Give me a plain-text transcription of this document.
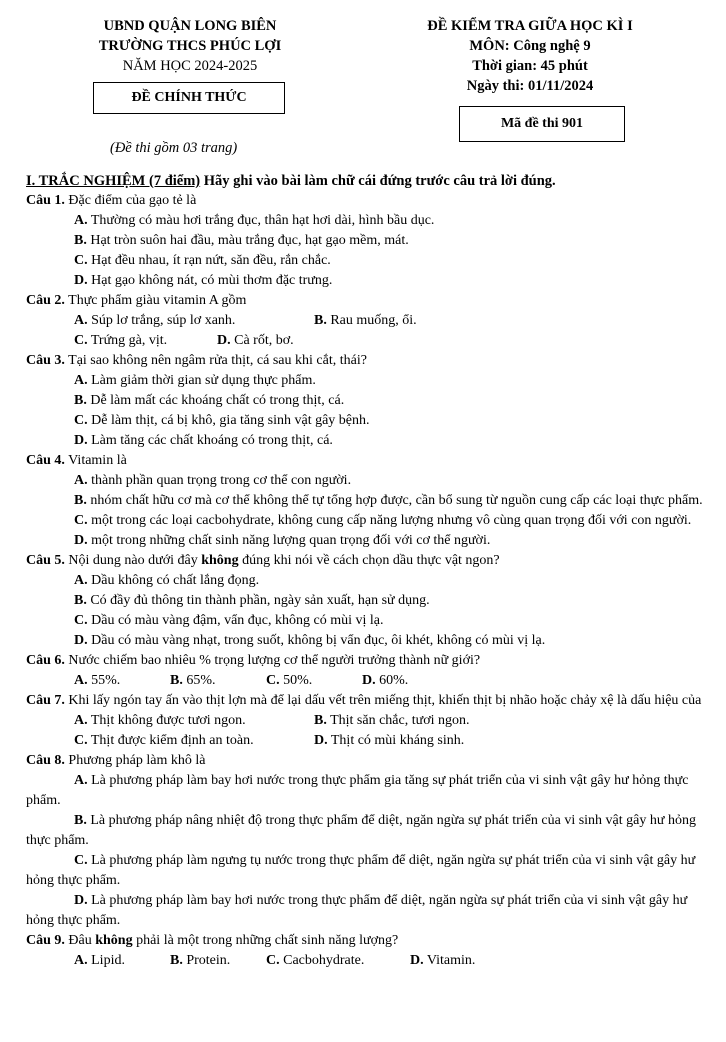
UBND QUẬN LONG BIÊN
TRƯỜNG THCS PHÚC LỢI
NĂM HỌC 2024-2025
ĐỀ CHÍNH THỨC
(Đề thi gồm 03 trang)
ĐỀ KIỂM TRA GIỮA HỌC KÌ I
MÔN: Công nghệ 9
Thời gian: 45 phút
Ngày thi: 01/11/2024
Mã đề thi 901
I. TRẮC NGHIỆM (7 điểm) Hãy ghi vào bài làm chữ cái đứng trước câu trả lời đúng.
Câu 1. Đặc điểm của gạo tẻ là
A. Thường có màu hơi trắng đục, thân hạt hơi dài, hình bầu dục.
B. Hạt tròn suôn hai đầu, màu trắng đục, hạt gạo mềm, mát.
C. Hạt đều nhau, ít rạn nứt, săn đều, rắn chắc.
D. Hạt gạo không nát, có mùi thơm đặc trưng.
Câu 2. Thực phẩm giàu vitamin A gồm
A. Súp lơ trắng, súp lơ xanh.	B. Rau muống, ổi.
C. Trứng gà, vịt.	D. Cà rốt, bơ.
Câu 3. Tại sao không nên ngâm rửa thịt, cá sau khi cắt, thái?
A. Làm giảm thời gian sử dụng thực phẩm.
B. Dễ làm mất các khoáng chất có trong thịt, cá.
C. Dễ làm thịt, cá bị khô, gia tăng sinh vật gây bệnh.
D. Làm tăng các chất khoáng có trong thịt, cá.
Câu 4. Vitamin là
A. thành phần quan trọng trong cơ thể con người.
B. nhóm chất hữu cơ mà cơ thể không thể tự tổng hợp được, cần bổ sung từ nguồn cung cấp các loại thực phẩm.
C. một trong các loại cacbohydrate, không cung cấp năng lượng nhưng vô cùng quan trọng đối với con người.
D. một trong những chất sinh năng lượng quan trọng đối với cơ thể người.
Câu 5. Nội dung nào dưới đây không đúng khi nói về cách chọn dầu thực vật ngon?
A. Dầu không có chất lắng đọng.
B. Có đầy đủ thông tin thành phần, ngày sản xuất, hạn sử dụng.
C. Dầu có màu vàng đậm, vẩn đục, không có mùi vị lạ.
D. Dầu có màu vàng nhạt, trong suốt, không bị vẩn đục, ôi khét, không có mùi vị lạ.
Câu 6. Nước chiếm bao nhiêu % trọng lượng cơ thể người trưởng thành nữ giới?
A. 55%.	B. 65%.	C. 50%.	D. 60%.
Câu 7. Khi lấy ngón tay ấn vào thịt lợn mà để lại dấu vết trên miếng thịt, khiến thịt bị nhão hoặc chảy xệ là dấu hiệu của
A. Thịt không được tươi ngon.	B. Thịt săn chắc, tươi ngon.
C. Thịt được kiểm định an toàn.	D. Thịt có mùi kháng sinh.
Câu 8. Phương pháp làm khô là
A. Là phương pháp làm bay hơi nước trong thực phẩm gia tăng sự phát triển của vi sinh vật gây hư hỏng thực phẩm.
B. Là phương pháp nâng nhiệt độ trong thực phẩm để diệt, ngăn ngừa sự phát triển của vi sinh vật gây hư hỏng thực phẩm.
C. Là phương pháp làm ngưng tụ nước trong thực phẩm để diệt, ngăn ngừa sự phát triển của vi sinh vật gây hư hỏng thực phẩm.
D. Là phương pháp làm bay hơi nước trong thực phẩm để diệt, ngăn ngừa sự phát triển của vi sinh vật gây hư hỏng thực phẩm.
Câu 9. Đâu không phải là một trong những chất sinh năng lượng?
A. Lipid.	B. Protein.	C. Cacbohydrate.	D. Vitamin.
